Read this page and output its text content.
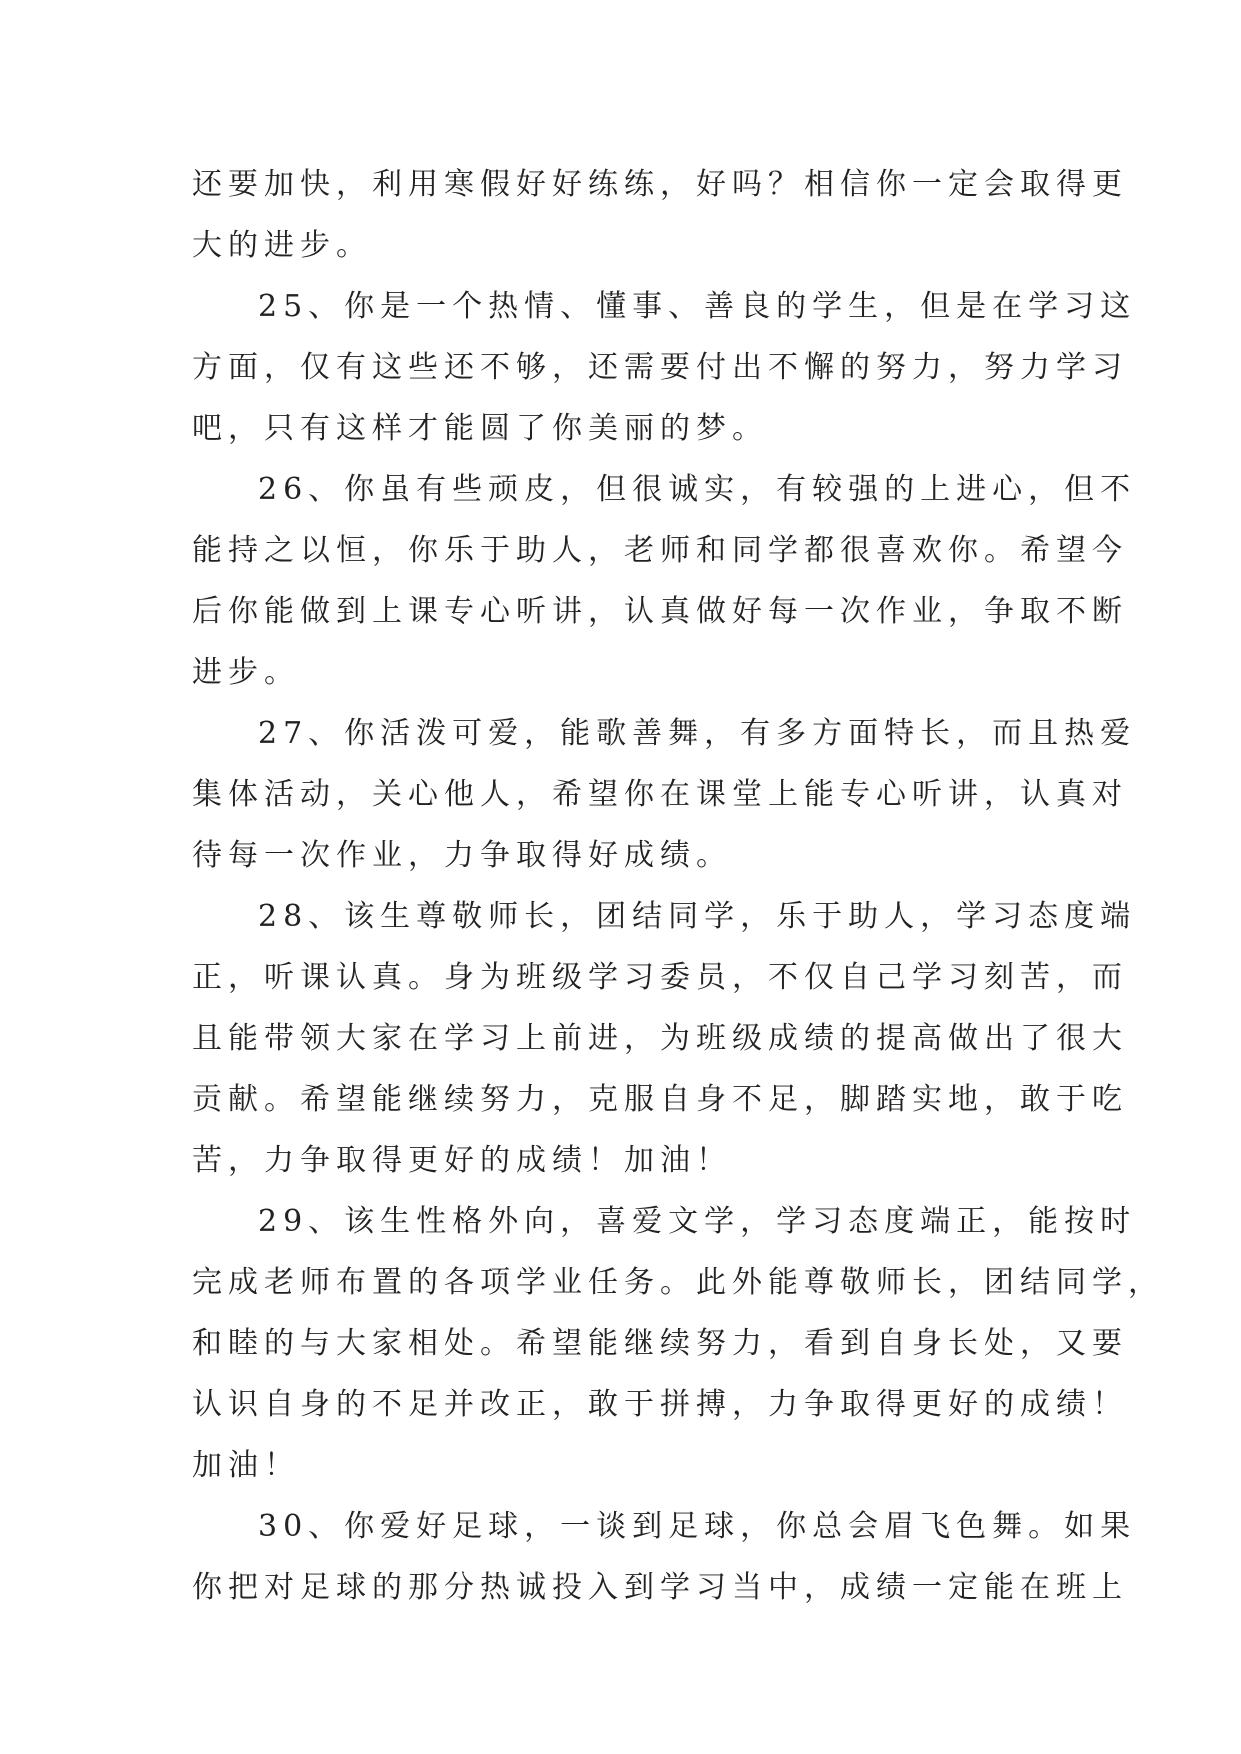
还要加快，利用寒假好好练练，好吗？相信你一定会取得更
大的进步。
25、你是一个热情、懂事、善良的学生，但是在学习这
方面，仅有这些还不够，还需要付出不懈的努力，努力学习
吧，只有这样才能圆了你美丽的梦。
26、你虽有些顽皮，但很诚实，有较强的上进心，但不
能持之以恒，你乐于助人，老师和同学都很喜欢你。希望今
后你能做到上课专心听讲，认真做好每一次作业，争取不断
进步。
27、你活泼可爱，能歌善舞，有多方面特长，而且热爱
集体活动，关心他人，希望你在课堂上能专心听讲，认真对
待每一次作业，力争取得好成绩。
28、该生尊敬师长，团结同学，乐于助人，学习态度端
正，听课认真。身为班级学习委员，不仅自己学习刻苦，而
且能带领大家在学习上前进，为班级成绩的提高做出了很大
贡献。希望能继续努力，克服自身不足，脚踏实地，敢于吃
苦，力争取得更好的成绩！加油！
29、该生性格外向，喜爱文学，学习态度端正，能按时
完成老师布置的各项学业任务。此外能尊敬师长，团结同学，
和睦的与大家相处。希望能继续努力，看到自身长处，又要
认识自身的不足并改正，敢于拼搏，力争取得更好的成绩！
加油！
30、你爱好足球，一谈到足球，你总会眉飞色舞。如果
你把对足球的那分热诚投入到学习当中，成绩一定能在班上
